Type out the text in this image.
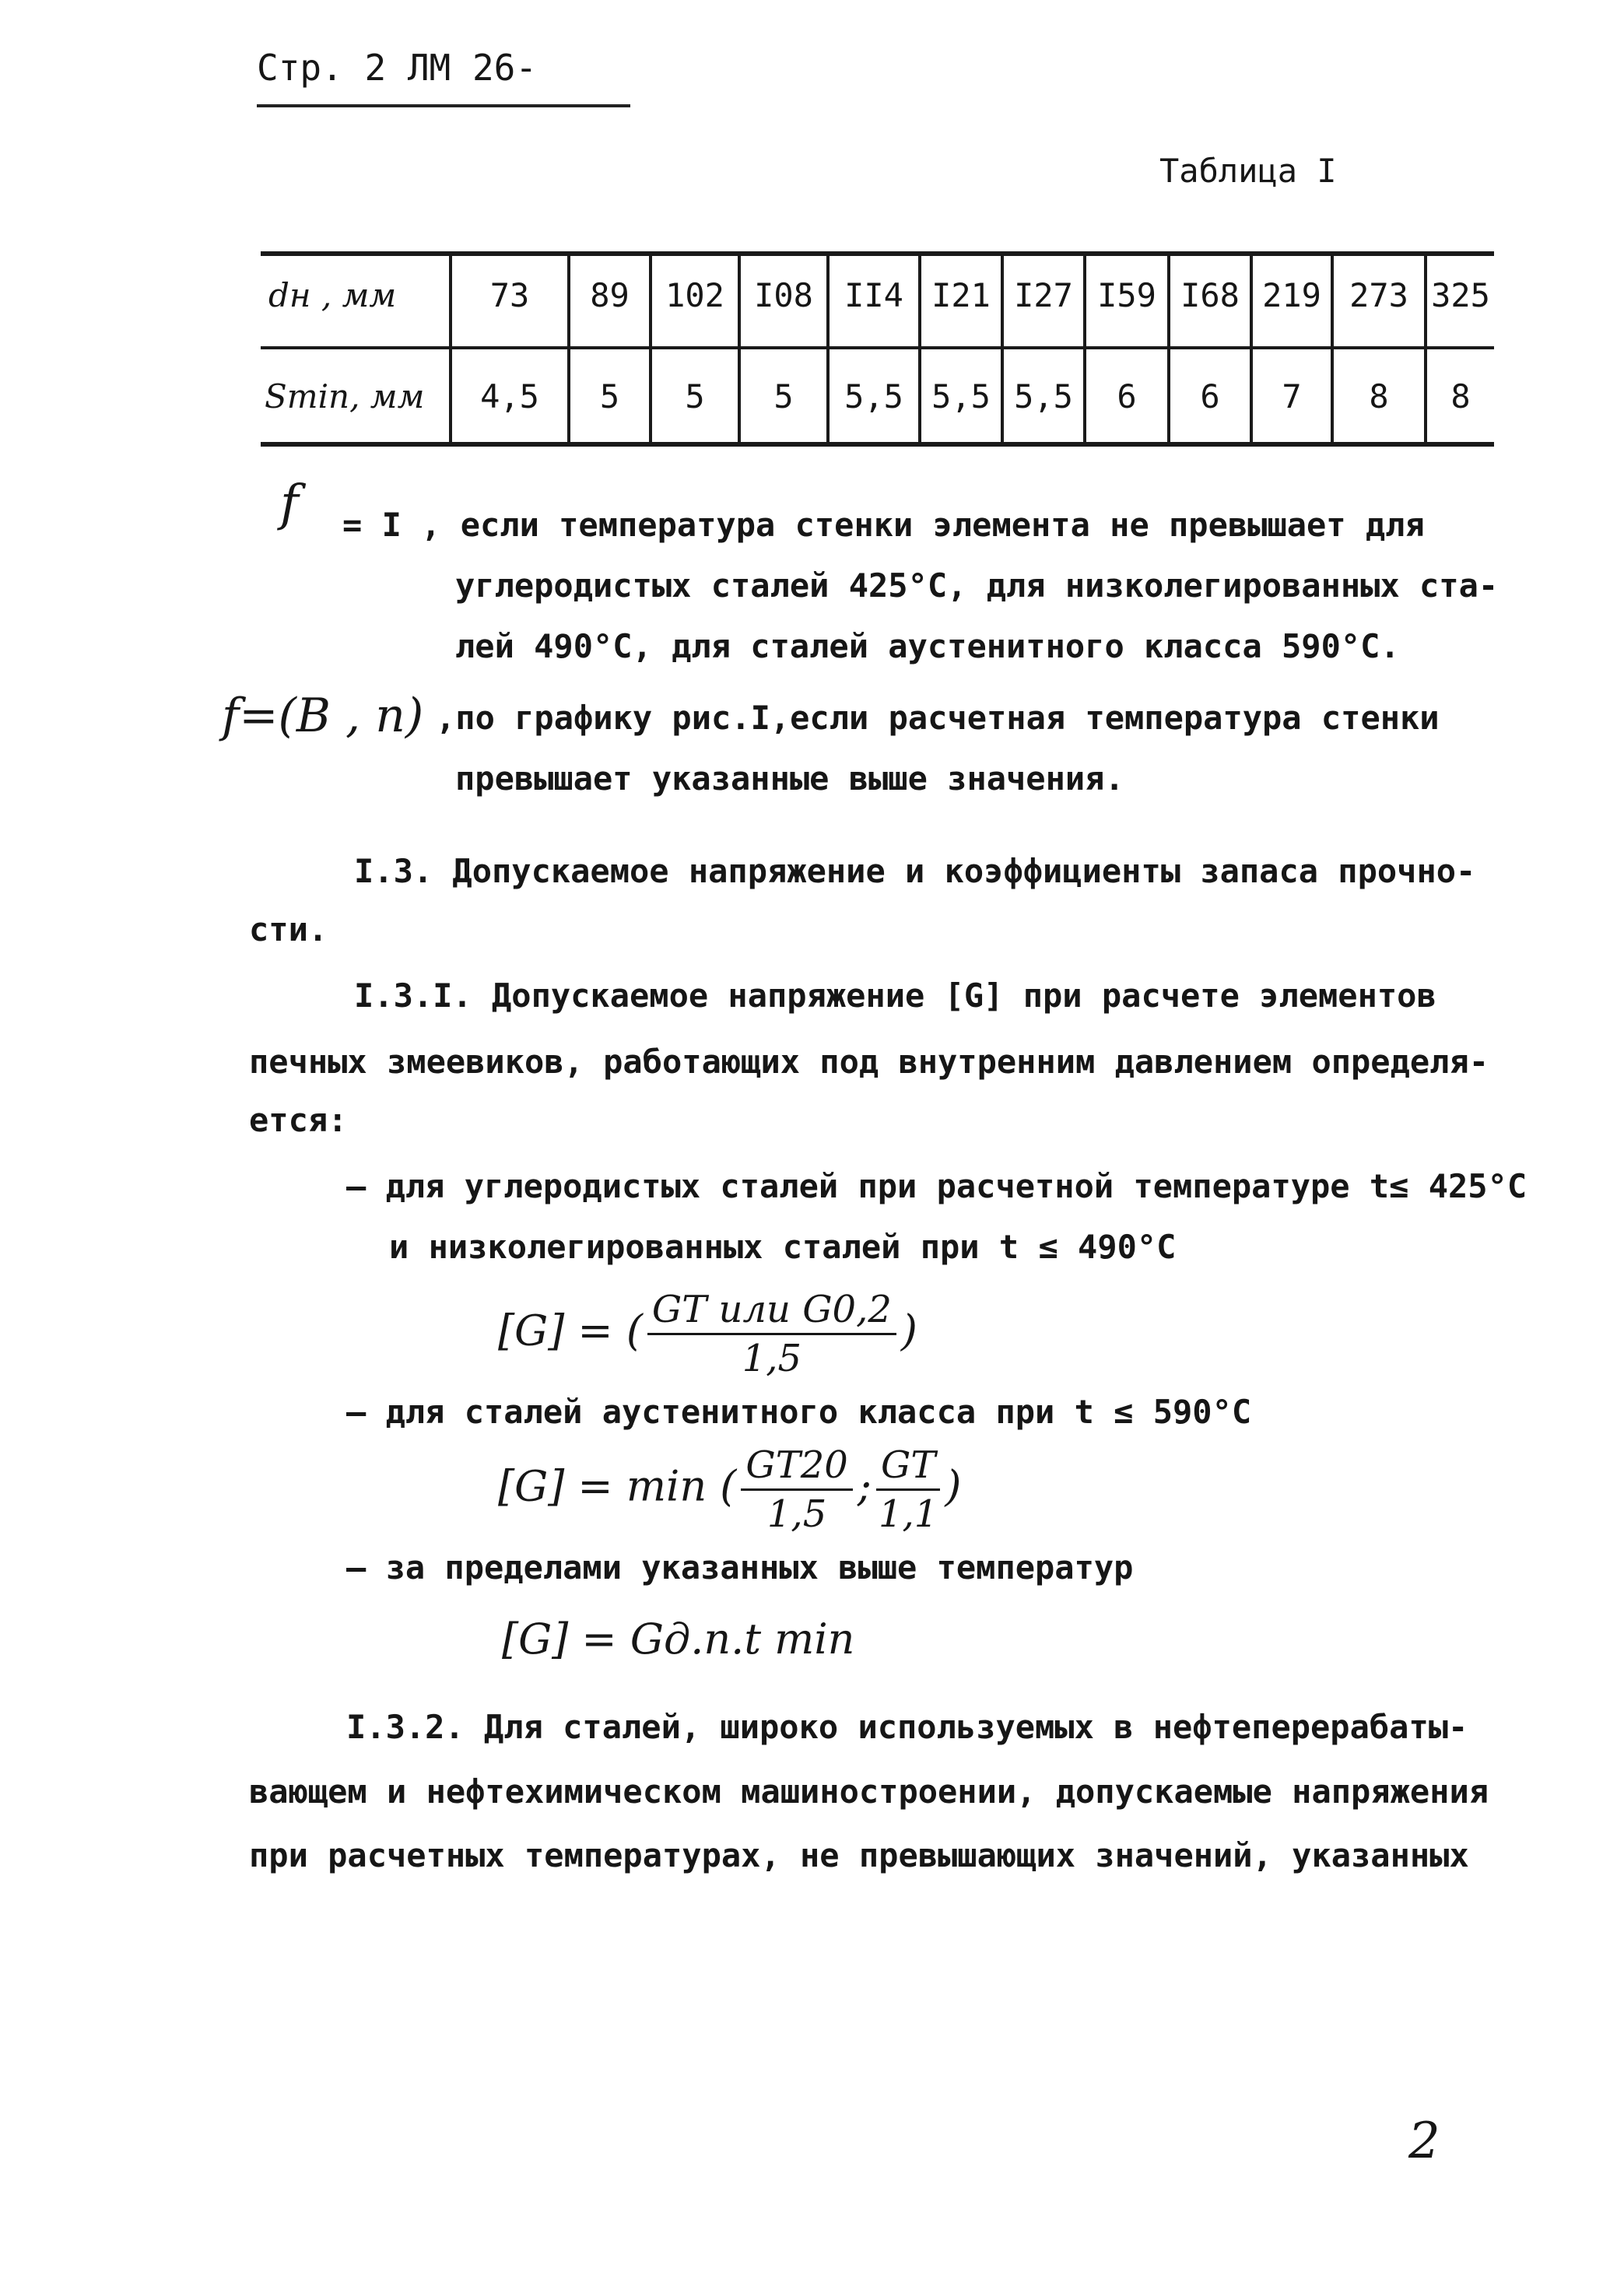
Стр. 2 ЛМ 26-
Таблица I
dн , мм	73	89	102 I08 II4 I21 I27 I59 I68 219 273 325
Smin, мм	4,5	5	5	5	5,5 5,5 5,5	6	6	7	8	8
f = I , если температура стенки элемента не превышает для
углеродистых сталей 425°С, для низколегированных ста-
лей 490°С, для сталей аустенитного класса 590°С.
f=(B , n) ,по графику рис.I,если расчетная температура стенки
превышает указанные выше значения.
I.3. Допускаемое напряжение и коэффициенты запаса прочно-
сти.
I.3.I. Допускаемое напряжение [G] при расчете элементов
печных змеевиков, работающих под внутренним давлением определя-
ется:
– для углеродистых сталей при расчетной температуре t≤ 425°С
и низколегированных сталей при t ≤ 490°С
[G] = ( $\frac{\text{GT или G0,2}}{1,5}$ )
– для сталей аустенитного класса при t ≤ 590°С
[G] = min ( $\frac{GT20}{1,5}$ ; $\frac{GT}{1,1}$ )
– за пределами указанных выше температур
[G] = Gд.п.t min
I.3.2. Для сталей, широко используемых в нефтеперерабаты-
вающем и нефтехимическом машиностроении, допускаемые напряжения
при расчетных температурах, не превышающих значений, указанных
2
